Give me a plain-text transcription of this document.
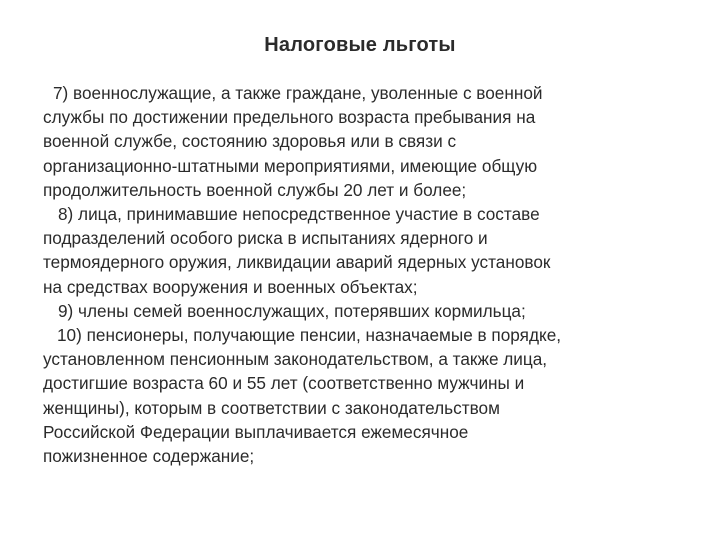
Налоговые льготы
7) военнослужащие, а также граждане, уволенные с военной
службы по достижении предельного возраста пребывания на
военной службе, состоянию здоровья или в связи с
организационно-штатными мероприятиями, имеющие общую
продолжительность военной службы 20 лет и более;
8) лица, принимавшие непосредственное участие в составе
подразделений особого риска в испытаниях ядерного и
термоядерного оружия, ликвидации аварий ядерных установок
на средствах вооружения и военных объектах;
9) члены семей военнослужащих, потерявших кормильца;
10) пенсионеры, получающие пенсии, назначаемые в порядке,
установленном пенсионным законодательством, а также лица,
достигшие возраста 60 и 55 лет (соответственно мужчины и
женщины), которым в соответствии с законодательством
Российской Федерации выплачивается ежемесячное
пожизненное содержание;
